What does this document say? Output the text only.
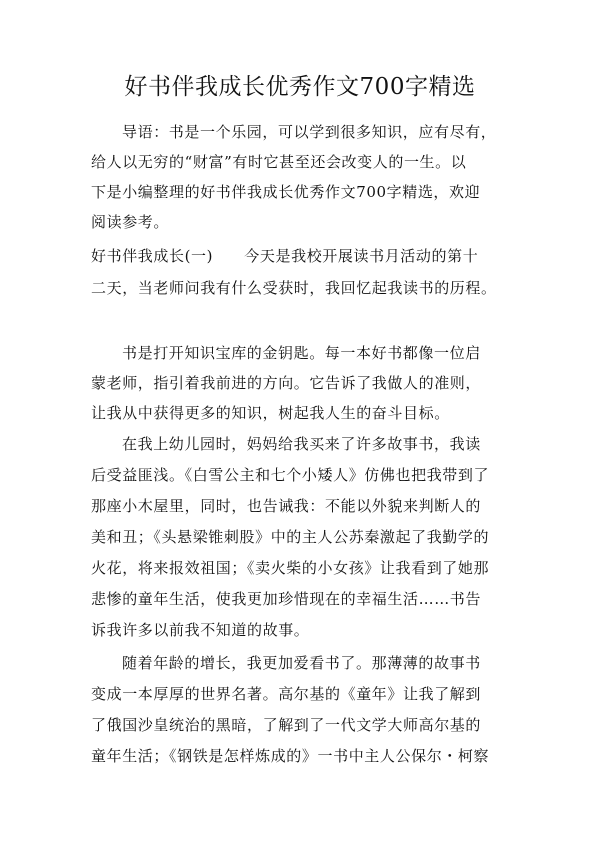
好书伴我成长优秀作文700字精选
导语：书是一个乐园，可以学到很多知识，应有尽有，
给人以无穷的“财富”有时它甚至还会改变人的一生。以
下是小编整理的好书伴我成长优秀作文700字精选，欢迎
阅读参考。
好书伴我成长(一)　　今天是我校开展读书月活动的第十
二天，当老师问我有什么受获时，我回忆起我读书的历程。
书是打开知识宝库的金钥匙。每一本好书都像一位启
蒙老师，指引着我前进的方向。它告诉了我做人的准则，
让我从中获得更多的知识，树起我人生的奋斗目标。
在我上幼儿园时，妈妈给我买来了许多故事书，我读
后受益匪浅。《白雪公主和七个小矮人》仿佛也把我带到了
那座小木屋里，同时，也告诫我：不能以外貌来判断人的
美和丑；《头悬梁锥刺股》中的主人公苏秦激起了我勤学的
火花，将来报效祖国；《卖火柴的小女孩》让我看到了她那
悲惨的童年生活，使我更加珍惜现在的幸福生活……书告
诉我许多以前我不知道的故事。
随着年龄的增长，我更加爱看书了。那薄薄的故事书
变成一本厚厚的世界名著。高尔基的《童年》让我了解到
了俄国沙皇统治的黑暗，了解到了一代文学大师高尔基的
童年生活；《钢铁是怎样炼成的》一书中主人公保尔・柯察
